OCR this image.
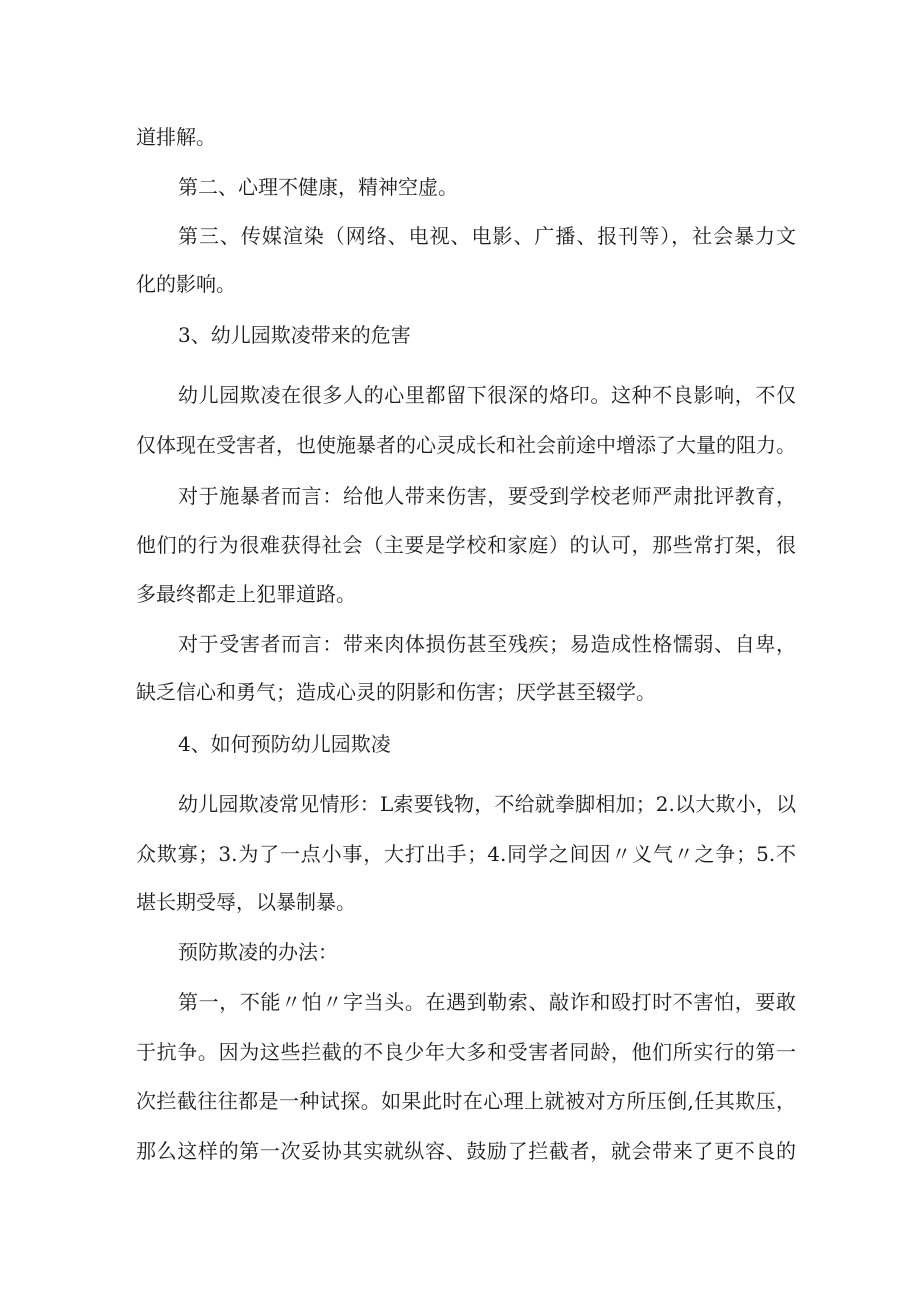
道排解。
第二、心理不健康，精神空虚。
第三、传媒渲染（网络、电视、电影、广播、报刊等），社会暴力文
化的影响。
3、幼儿园欺凌带来的危害
幼儿园欺凌在很多人的心里都留下很深的烙印。这种不良影响，不仅
仅体现在受害者，也使施暴者的心灵成长和社会前途中增添了大量的阻力。
对于施暴者而言：给他人带来伤害，要受到学校老师严肃批评教育，
他们的行为很难获得社会（主要是学校和家庭）的认可，那些常打架，很
多最终都走上犯罪道路。
对于受害者而言：带来肉体损伤甚至残疾；易造成性格懦弱、自卑，
缺乏信心和勇气；造成心灵的阴影和伤害；厌学甚至辍学。
4、如何预防幼儿园欺凌
幼儿园欺凌常见情形：L索要钱物，不给就拳脚相加；2.以大欺小，以
众欺寡；3.为了一点小事，大打出手；4.同学之间因〃义气〃之争；5.不
堪长期受辱，以暴制暴。
预防欺凌的办法：
第一，不能〃怕〃字当头。在遇到勒索、敲诈和殴打时不害怕，要敢
于抗争。因为这些拦截的不良少年大多和受害者同龄，他们所实行的第一
次拦截往往都是一种试探。如果此时在心理上就被对方所压倒,任其欺压，
那么这样的第一次妥协其实就纵容、鼓励了拦截者，就会带来了更不良的
